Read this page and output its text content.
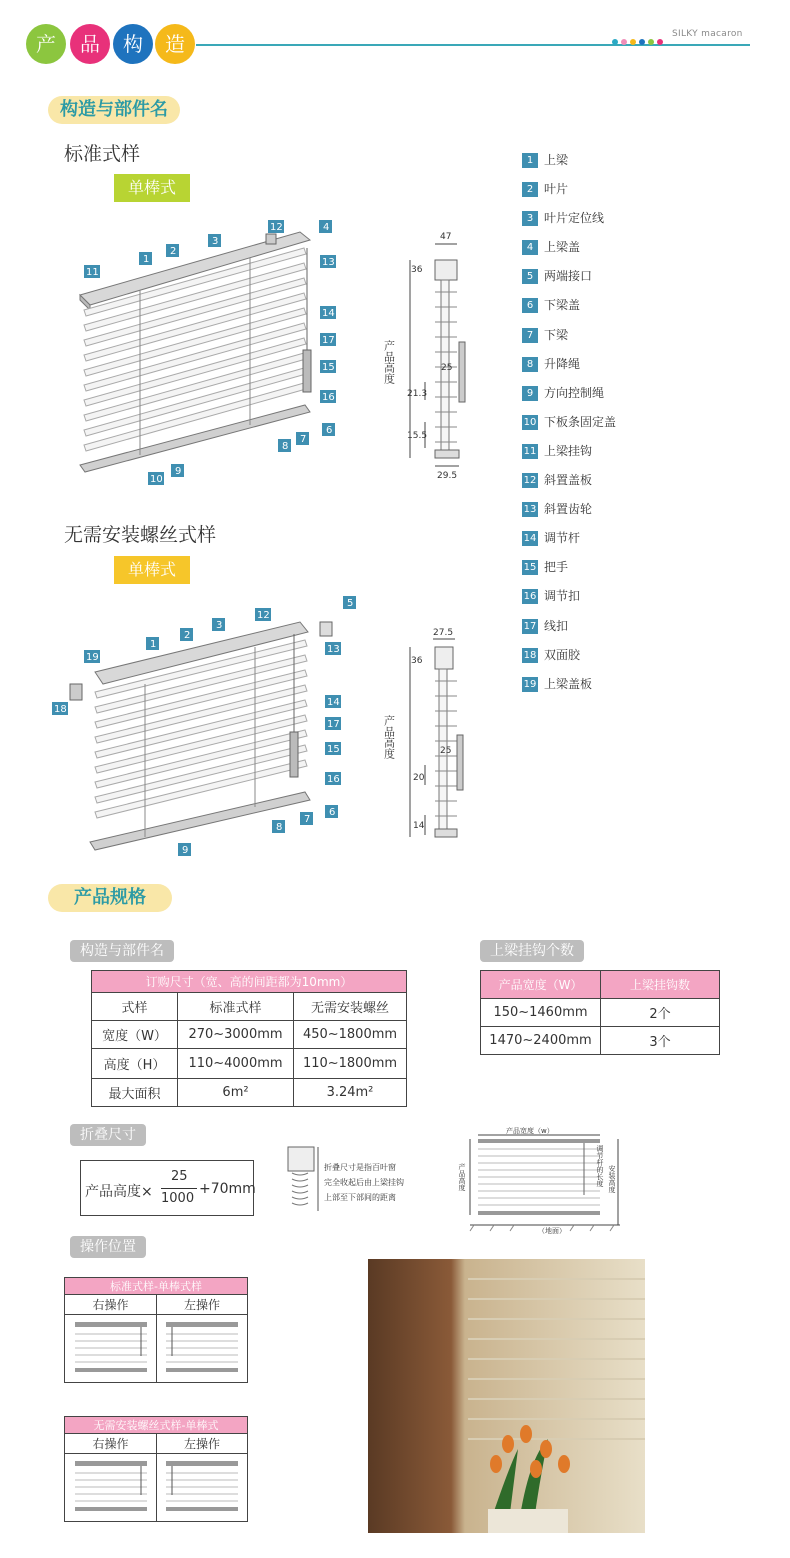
产	品	构	造	SILKY macaron
构造与部件名
标准式样
单棒式
11
1
2
3
12	4
13
14
17
15
16
6
7
8
9
10
47
36
25
21.3
15.5
29.5
产品高度
1 上梁
2 叶片
3 叶片定位线
4 上梁盖
5 两端接口
6 下梁盖
7 下梁
8 升降绳
9 方向控制绳
10 下板条固定盖
11 上梁挂钩
12 斜置盖板
13 斜置齿轮
14 调节杆
15 把手
16 调节扣
17 线扣
18 双面胶
19 上梁盖板
无需安装螺丝式样
单棒式
19
18
1
2
3
12
5
13
14
17
15
16
6
7
8
9
27.5
36
25
20
14
产品高度
产品规格
构造与部件名
订购尺寸（宽、高的间距都为10mm）		
式样	标准式样	无需安装螺丝
宽度（W）	270~3000mm	450~1800mm
高度（H）	110~4000mm	110~1800mm
最大面积	6m²	3.24m²
上梁挂钩个数
产品宽度（W）	上梁挂钩数
150~1460mm	2个
1470~2400mm	3个
折叠尺寸
产品高度×
25
1000
+70mm
折叠尺寸是指百叶窗
完全收起后由上梁挂钩
上部至下部间的距离
产品宽度（w）
（地面）
产品高度	调节杆的长度 安装高度
操作位置
标准式样-单棒式样	
右操作	左操作

无需安装螺丝式样-单棒式	
右操作	左操作
